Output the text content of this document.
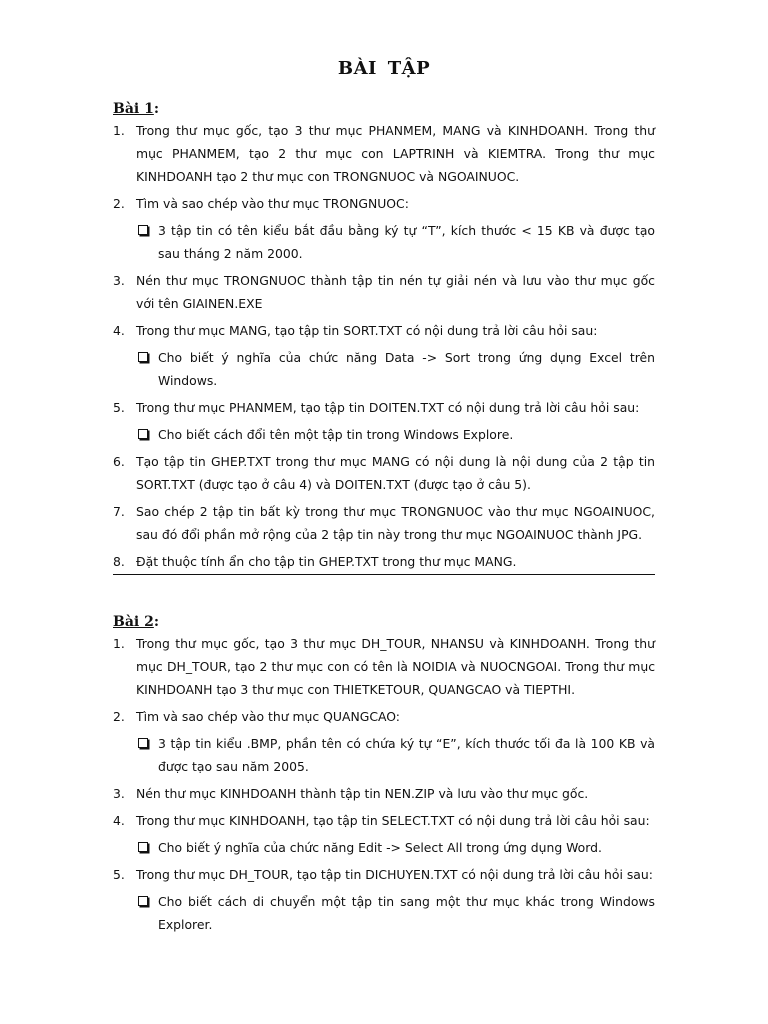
BÀI TẬP
Bài 1:
1. Trong thư mục gốc, tạo 3 thư mục PHANMEM, MANG và KINHDOANH. Trong thư mục PHANMEM, tạo 2 thư mục con LAPTRINH và KIEMTRA. Trong thư mục KINHDOANH tạo 2 thư mục con TRONGNUOC và NGOAINUOC.
2. Tìm và sao chép vào thư mục TRONGNUOC:
3 tập tin có tên kiểu bắt đầu bằng ký tự “T”, kích thước < 15 KB và được tạo sau tháng 2 năm 2000.
3. Nén thư mục TRONGNUOC thành tập tin nén tự giải nén và lưu vào thư mục gốc với tên GIAINEN.EXE
4. Trong thư mục MANG, tạo tập tin SORT.TXT có nội dung trả lời câu hỏi sau:
Cho biết ý nghĩa của chức năng Data -> Sort trong ứng dụng Excel trên Windows.
5. Trong thư mục PHANMEM, tạo tập tin DOITEN.TXT có nội dung trả lời câu hỏi sau:
Cho biết cách đổi tên một tập tin trong Windows Explore.
6. Tạo tập tin GHEP.TXT trong thư mục MANG có nội dung là nội dung của 2 tập tin SORT.TXT (được tạo ở câu 4) và DOITEN.TXT (được tạo ở câu 5).
7. Sao chép 2 tập tin bất kỳ trong thư mục TRONGNUOC vào thư mục NGOAINUOC, sau đó đổi phần mở rộng của 2 tập tin này trong thư mục NGOAINUOC thành JPG.
8. Đặt thuộc tính ẩn cho tập tin GHEP.TXT trong thư mục MANG.
Bài 2:
1. Trong thư mục gốc, tạo 3 thư mục DH_TOUR, NHANSU và KINHDOANH. Trong thư mục DH_TOUR, tạo 2 thư mục con có tên là NOIDIA và NUOCNGOAI. Trong thư mục KINHDOANH tạo 3 thư mục con THIETKETOUR, QUANGCAO và TIEPTHI.
2. Tìm và sao chép vào thư mục QUANGCAO:
3 tập tin kiểu .BMP, phần tên có chứa ký tự “E”, kích thước tối đa là 100 KB và được tạo sau năm 2005.
3. Nén thư mục KINHDOANH thành tập tin NEN.ZIP và lưu vào thư mục gốc.
4. Trong thư mục KINHDOANH, tạo tập tin SELECT.TXT có nội dung trả lời câu hỏi sau:
Cho biết ý nghĩa của chức năng Edit -> Select All trong ứng dụng Word.
5. Trong thư mục DH_TOUR, tạo tập tin DICHUYEN.TXT có nội dung trả lời câu hỏi sau:
Cho biết cách di chuyển một tập tin sang một thư mục khác trong Windows Explorer.
